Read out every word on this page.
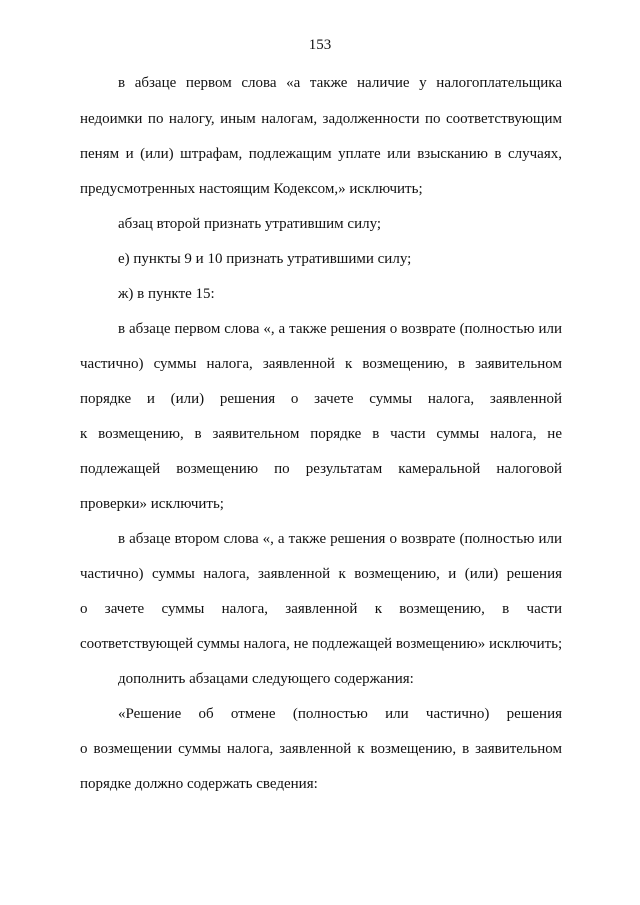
153
в абзаце первом слова «а также наличие у налогоплательщика
недоимки по налогу, иным налогам, задолженности по соответствующим
пеням и (или) штрафам, подлежащим уплате или взысканию в случаях,
предусмотренных настоящим Кодексом,» исключить;
абзац второй признать утратившим силу;
е) пункты 9 и 10 признать утратившими силу;
ж) в пункте 15:
в абзаце первом слова «, а также решения о возврате (полностью или
частично) суммы налога, заявленной к возмещению, в заявительном
порядке и (или) решения о зачете суммы налога, заявленной
к возмещению, в заявительном порядке в части суммы налога, не
подлежащей возмещению по результатам камеральной налоговой
проверки» исключить;
в абзаце втором слова «, а также решения о возврате (полностью или
частично) суммы налога, заявленной к возмещению, и (или) решения
о зачете суммы налога, заявленной к возмещению, в части
соответствующей суммы налога, не подлежащей возмещению» исключить;
дополнить абзацами следующего содержания:
«Решение об отмене (полностью или частично) решения
о возмещении суммы налога, заявленной к возмещению, в заявительном
порядке должно содержать сведения:
